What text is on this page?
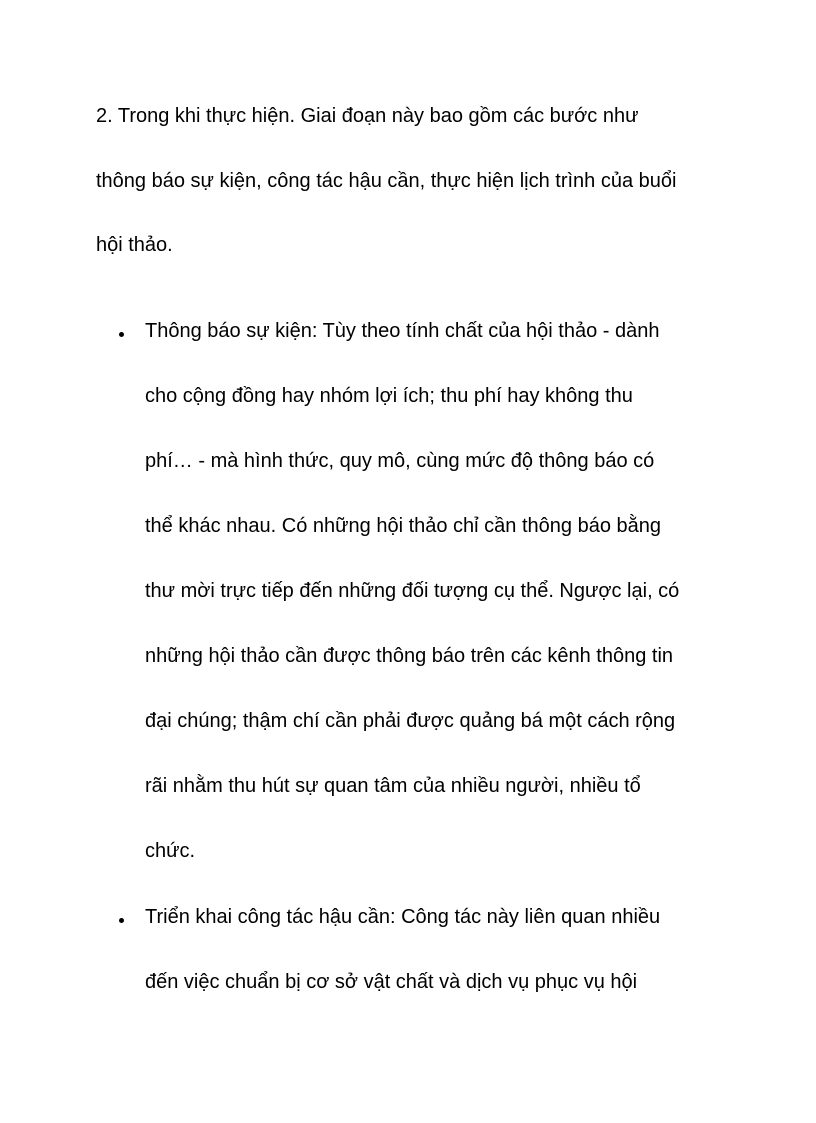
2. Trong khi thực hiện. Giai đoạn này bao gồm các bước như
thông báo sự kiện, công tác hậu cần, thực hiện lịch trình của buổi
hội thảo.
Thông báo sự kiện: Tùy theo tính chất của hội thảo - dành
cho cộng đồng hay nhóm lợi ích; thu phí hay không thu
phí… - mà hình thức, quy mô, cùng mức độ thông báo có
thể khác nhau. Có những hội thảo chỉ cần thông báo bằng
thư mời trực tiếp đến những đối tượng cụ thể. Ngược lại, có
những hội thảo cần được thông báo trên các kênh thông tin
đại chúng; thậm chí cần phải được quảng bá một cách rộng
rãi nhằm thu hút sự quan tâm của nhiều người, nhiều tổ
chức.
Triển khai công tác hậu cần: Công tác này liên quan nhiều
đến việc chuẩn bị cơ sở vật chất và dịch vụ phục vụ hội
